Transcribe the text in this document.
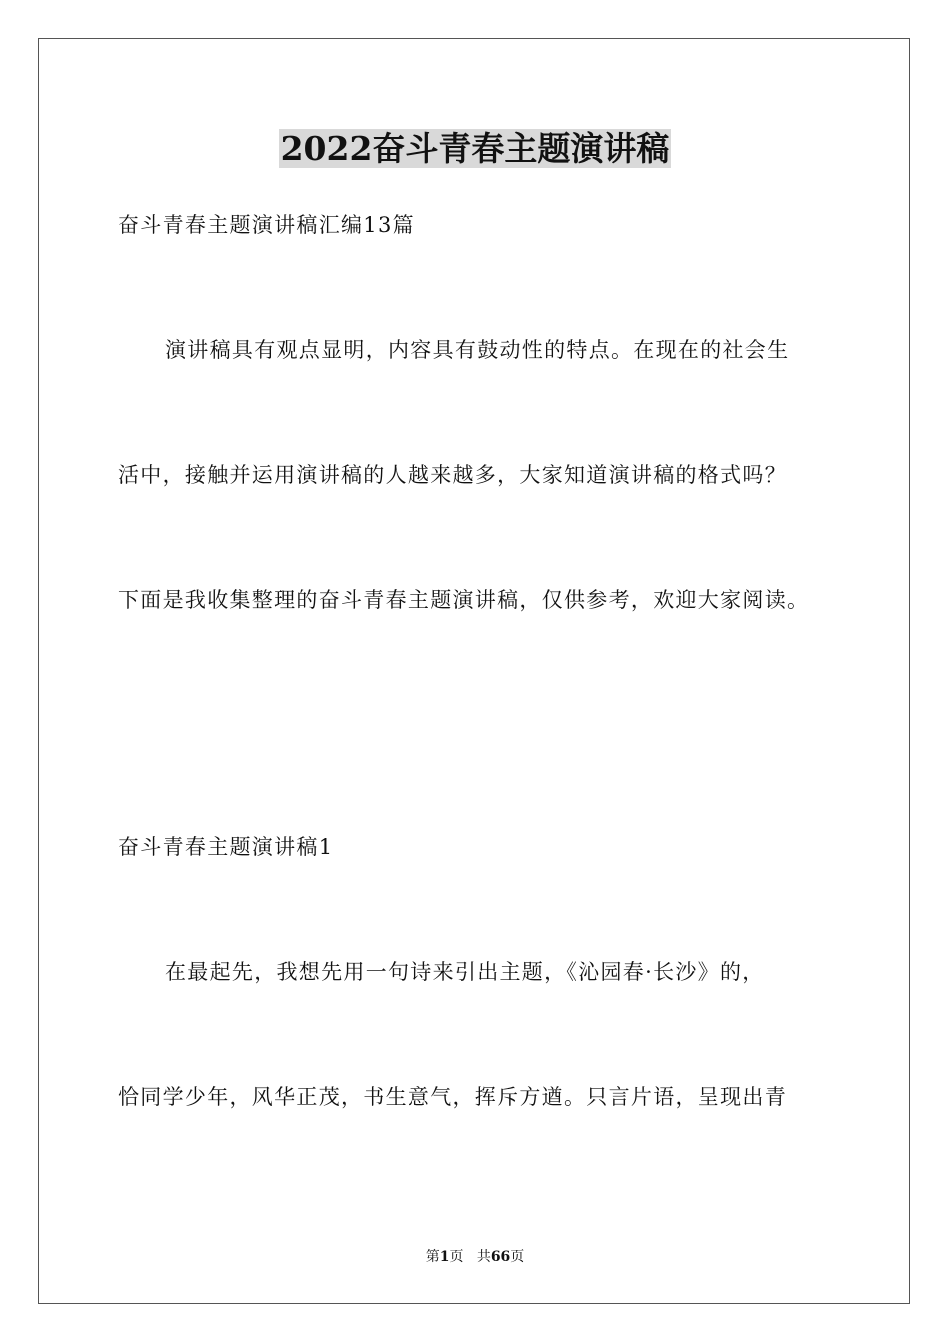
2022奋斗青春主题演讲稿
奋斗青春主题演讲稿汇编13篇
演讲稿具有观点显明，内容具有鼓动性的特点。在现在的社会生
活中，接触并运用演讲稿的人越来越多，大家知道演讲稿的格式吗？
下面是我收集整理的奋斗青春主题演讲稿，仅供参考，欢迎大家阅读。
奋斗青春主题演讲稿1
在最起先，我想先用一句诗来引出主题，《沁园春·长沙》的，
恰同学少年，风华正茂，书生意气，挥斥方遒。只言片语，呈现出青
第1页 共66页
